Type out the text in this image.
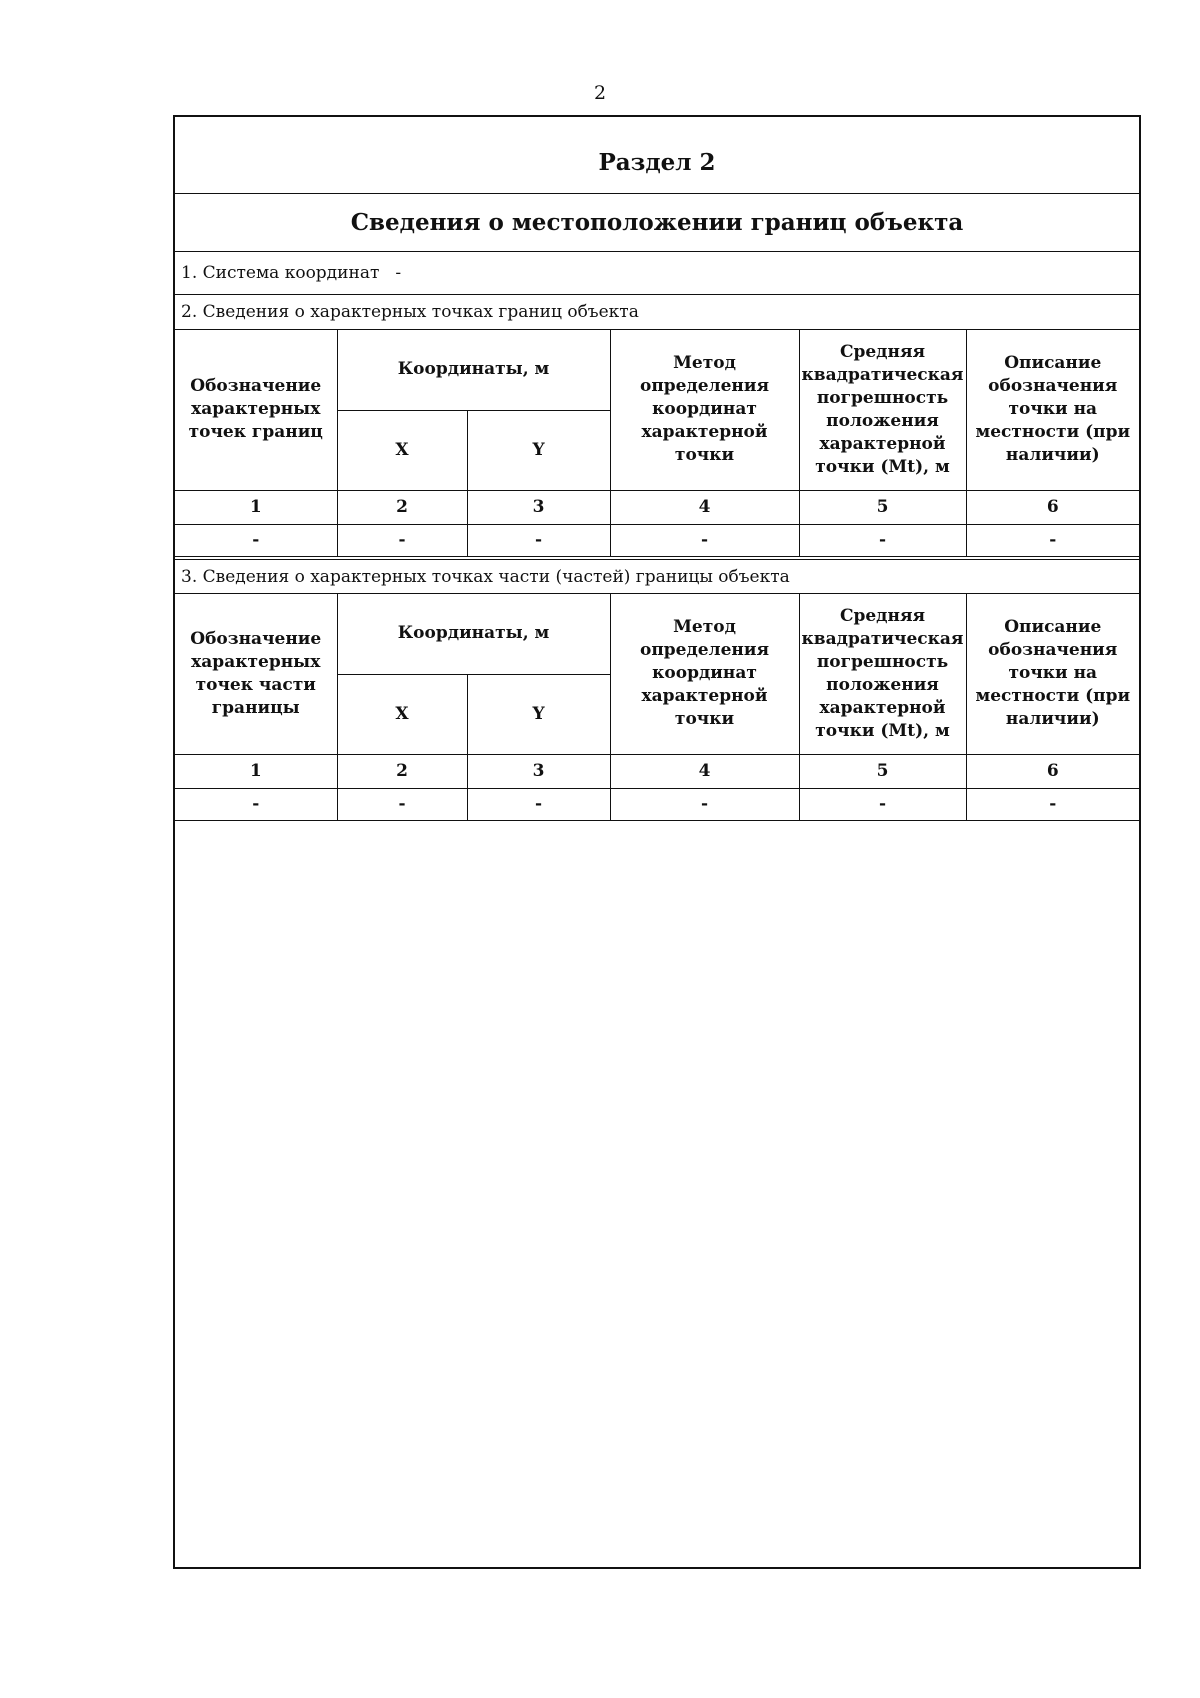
2
Раздел 2
Сведения о местоположении границ объекта
1. Система координат -
2. Сведения о характерных точках границ объекта
Обозначение характерных точек границ	Координаты, м		Метод определения координат характерной точки	Средняя квадратическая погрешность положения характерной точки (Mt), м	Описание обозначения точки на местности (при наличии)
	X	Y			
1	2	3	4	5	6
-	-	-	-	-	-
3. Сведения о характерных точках части (частей) границы объекта
Обозначение характерных точек части границы	Координаты, м		Метод определения координат характерной точки	Средняя квадратическая погрешность положения характерной точки (Mt), м	Описание обозначения точки на местности (при наличии)
	X	Y			
1	2	3	4	5	6
-	-	-	-	-	-
